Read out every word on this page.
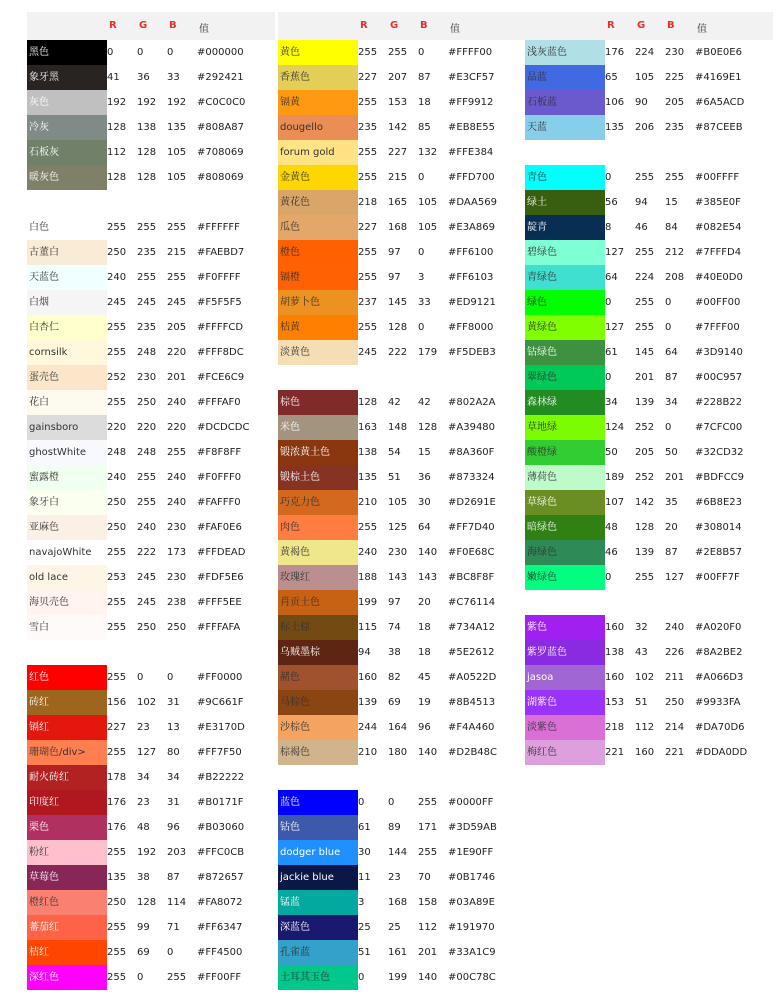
R G B 值
黑色	0 0 0 #000000
象牙黑	41 36 33 #292421
灰色	192 192 192 #C0C0C0
冷灰	128 138 135 #808A87
石板灰	112 128 105 #708069
暖灰色	128 128 105 #808069
白色	255 255 255 #FFFFFF
古董白	250 235 215 #FAEBD7
天蓝色	240 255 255 #F0FFFF
白烟	245 245 245 #F5F5F5
白杏仁	255 235 205 #FFFFCD
cornsilk	255 248 220 #FFF8DC
蛋壳色	252 230 201 #FCE6C9
花白	255 250 240 #FFFAF0
gainsboro	220 220 220 #DCDCDC
ghostWhite	248 248 255 #F8F8FF
蜜露橙	240 255 240 #F0FFF0
象牙白	250 255 240 #FAFFF0
亚麻色	250 240 230 #FAF0E6
navajoWhite	255 222 173 #FFDEAD
old lace	253 245 230 #FDF5E6
海贝壳色	255 245 238 #FFF5EE
雪白	255 250 250 #FFFAFA
红色	255 0 0 #FF0000
砖红	156 102 31 #9C661F
镉红	227 23 13 #E3170D
珊瑚色/div>	255 127 80 #FF7F50
耐火砖红	178 34 34 #B22222
印度红	176 23 31 #B0171F
栗色	176 48 96 #B03060
粉红	255 192 203 #FFC0CB
草莓色	135 38 87 #872657
橙红色	250 128 114 #FA8072
蕃茄红	255 99 71 #FF6347
桔红	255 69 0 #FF4500
深红色	255 0 255 #FF00FF
R G B 值
黄色	255 255 0 #FFFF00
香蕉色	227 207 87 #E3CF57
镉黄	255 153 18 #FF9912
dougello	235 142 85 #EB8E55
forum gold	255 227 132 #FFE384
金黄色	255 215 0 #FFD700
黄花色	218 165 105 #DAA569
瓜色	227 168 105 #E3A869
橙色	255 97 0 #FF6100
镉橙	255 97 3 #FF6103
胡萝卜色	237 145 33 #ED9121
桔黄	255 128 0 #FF8000
淡黄色	245 222 179 #F5DEB3
棕色	128 42 42 #802A2A
米色	163 148 128 #A39480
锻浓黄土色	138 54 15 #8A360F
锻棕土色	135 51 36 #873324
巧克力色	210 105 30 #D2691E
肉色	255 125 64 #FF7D40
黄褐色	240 230 140 #F0E68C
玫瑰红	188 143 143 #BC8F8F
肖贡土色	199 97 20 #C76114
标土棕	115 74 18 #734A12
乌贼墨棕	94 38 18 #5E2612
赭色	160 82 45 #A0522D
马棕色	139 69 19 #8B4513
沙棕色	244 164 96 #F4A460
棕褐色	210 180 140 #D2B48C
蓝色	0 0 255 #0000FF
钴色	61 89 171 #3D59AB
dodger blue	30 144 255 #1E90FF
jackie blue	11 23 70 #0B1746
锰蓝	3 168 158 #03A89E
深蓝色	25 25 112 #191970
孔雀蓝	51 161 201 #33A1C9
土耳其玉色	0 199 140 #00C78C
R G B 值
浅灰蓝色	176 224 230 #B0E0E6
品蓝	65 105 225 #4169E1
石板蓝	106 90 205 #6A5ACD
天蓝	135 206 235 #87CEEB
青色	0 255 255 #00FFFF
绿土	56 94 15 #385E0F
靛青	8 46 84 #082E54
碧绿色	127 255 212 #7FFFD4
青绿色	64 224 208 #40E0D0
绿色	0 255 0 #00FF00
黄绿色	127 255 0 #7FFF00
钴绿色	61 145 64 #3D9140
翠绿色	0 201 87 #00C957
森林绿	34 139 34 #228B22
草地绿	124 252 0 #7CFC00
酸橙绿	50 205 50 #32CD32
薄荷色	189 252 201 #BDFCC9
草绿色	107 142 35 #6B8E23
暗绿色	48 128 20 #308014
海绿色	46 139 87 #2E8B57
嫩绿色	0 255 127 #00FF7F
紫色	160 32 240 #A020F0
紫罗蓝色	138 43 226 #8A2BE2
jasoa	160 102 211 #A066D3
湖紫色	153 51 250 #9933FA
淡紫色	218 112 214 #DA70D6
梅红色	221 160 221 #DDA0DD
